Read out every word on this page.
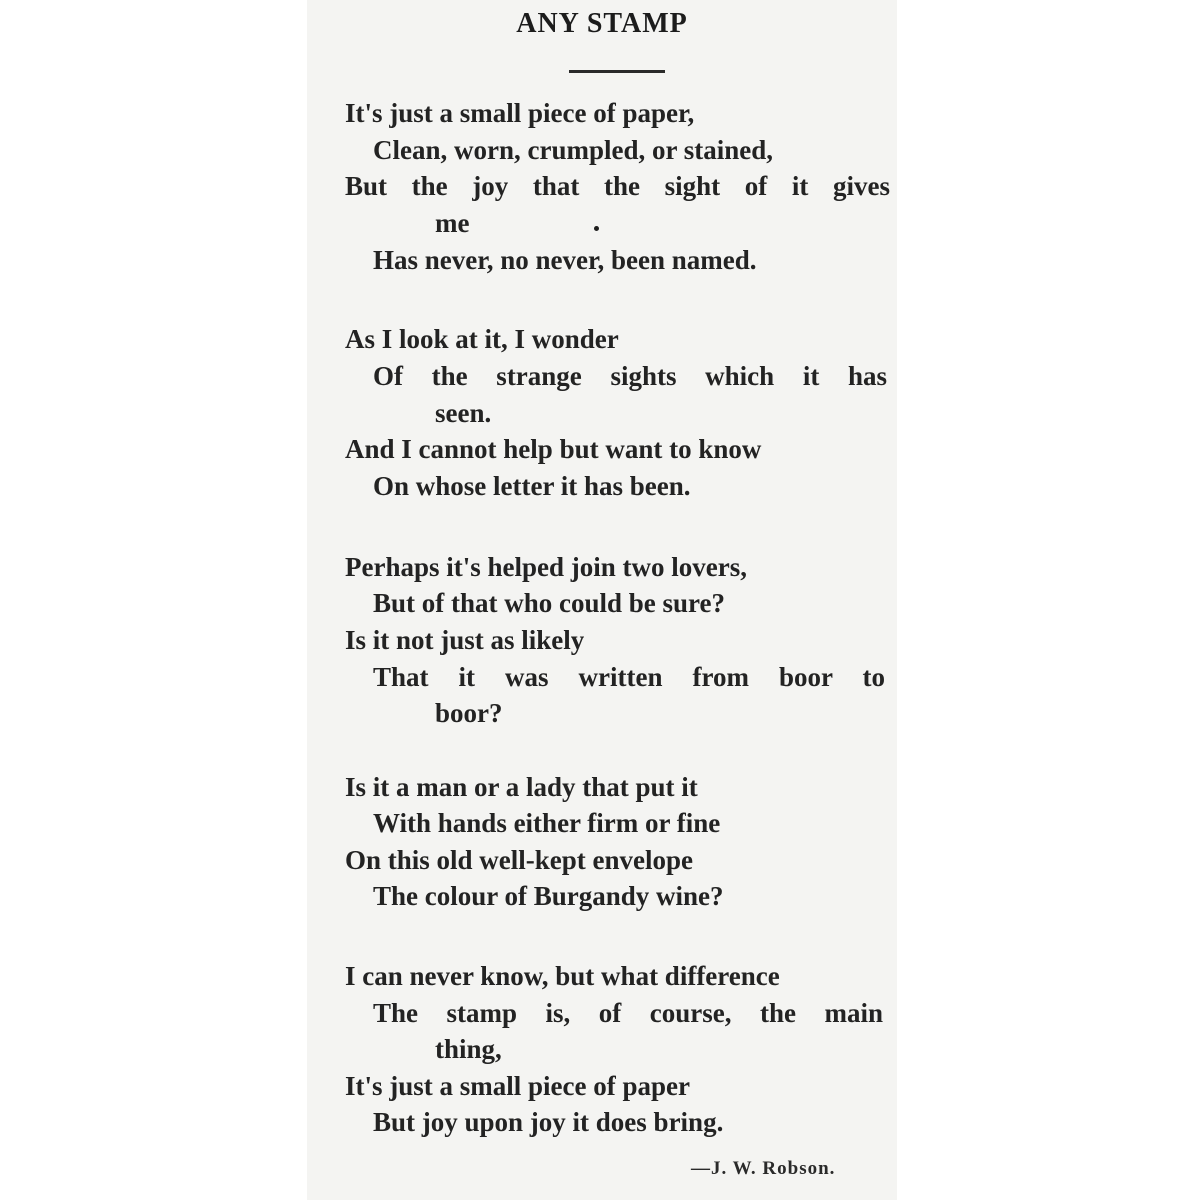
ANY STAMP
It's just a small piece of paper,
Clean, worn, crumpled, or stained,
But the joy that the sight of it gives
me
Has never, no never, been named.
As I look at it, I wonder
Of the strange sights which it has
seen.
And I cannot help but want to know
On whose letter it has been.
Perhaps it's helped join two lovers,
But of that who could be sure?
Is it not just as likely
That it was written from boor to
boor?
Is it a man or a lady that put it
With hands either firm or fine
On this old well-kept envelope
The colour of Burgandy wine?
I can never know, but what difference
The stamp is, of course, the main
thing,
It's just a small piece of paper
But joy upon joy it does bring.
—J. W. Robson.
